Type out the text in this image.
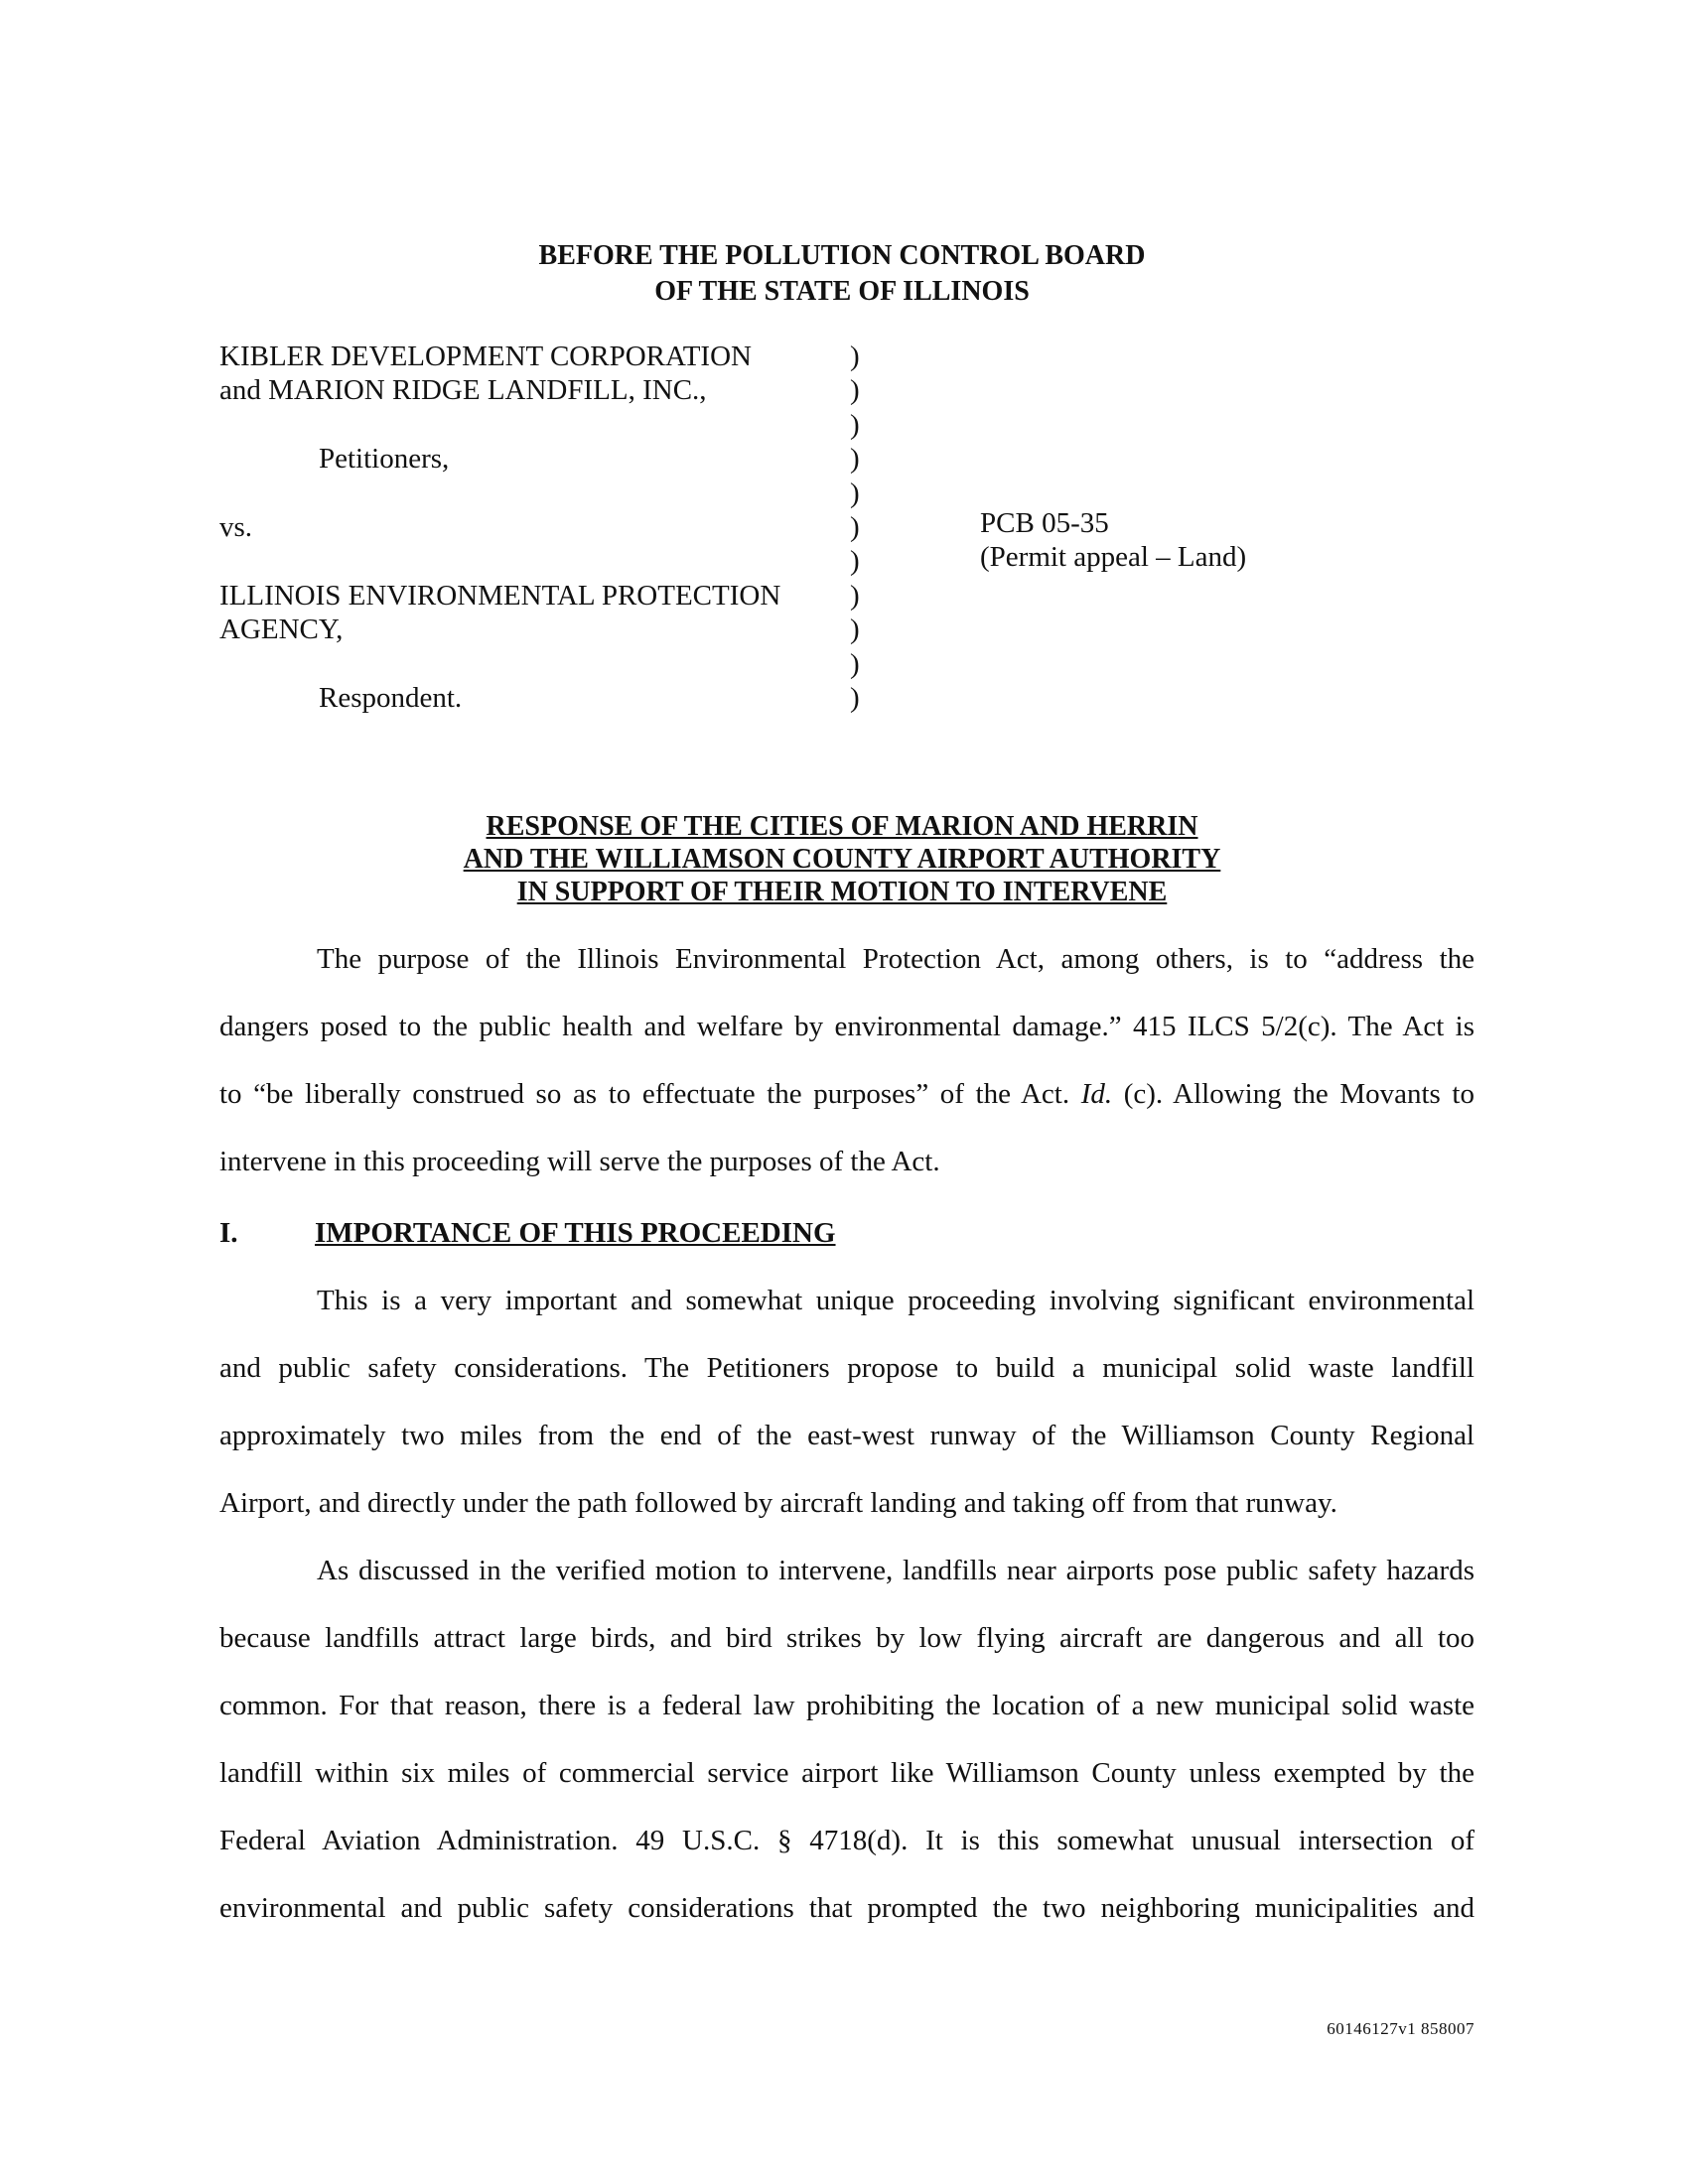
BEFORE THE POLLUTION CONTROL BOARD
OF THE STATE OF ILLINOIS
KIBLER DEVELOPMENT CORPORATION
and MARION RIDGE LANDFILL, INC.,
Petitioners,
vs.
ILLINOIS ENVIRONMENTAL PROTECTION
AGENCY,
Respondent.
)
)
)
)
)
)
)
)
)
)
)
PCB 05-35
(Permit appeal – Land)
RESPONSE OF THE CITIES OF MARION AND HERRIN
AND THE WILLIAMSON COUNTY AIRPORT AUTHORITY
IN SUPPORT OF THEIR MOTION TO INTERVENE
The purpose of the Illinois Environmental Protection Act, among others, is to “address the
dangers posed to the public health and welfare by environmental damage.” 415 ILCS 5/2(c). The Act is
to “be liberally construed so as to effectuate the purposes” of the Act. Id. (c). Allowing the Movants to
intervene in this proceeding will serve the purposes of the Act.
I.	IMPORTANCE OF THIS PROCEEDING
This is a very important and somewhat unique proceeding involving significant environmental
and public safety considerations. The Petitioners propose to build a municipal solid waste landfill
approximately two miles from the end of the east-west runway of the Williamson County Regional
Airport, and directly under the path followed by aircraft landing and taking off from that runway.
As discussed in the verified motion to intervene, landfills near airports pose public safety hazards
because landfills attract large birds, and bird strikes by low flying aircraft are dangerous and all too
common. For that reason, there is a federal law prohibiting the location of a new municipal solid waste
landfill within six miles of commercial service airport like Williamson County unless exempted by the
Federal Aviation Administration. 49 U.S.C. § 4718(d). It is this somewhat unusual intersection of
environmental and public safety considerations that prompted the two neighboring municipalities and
60146127v1 858007
